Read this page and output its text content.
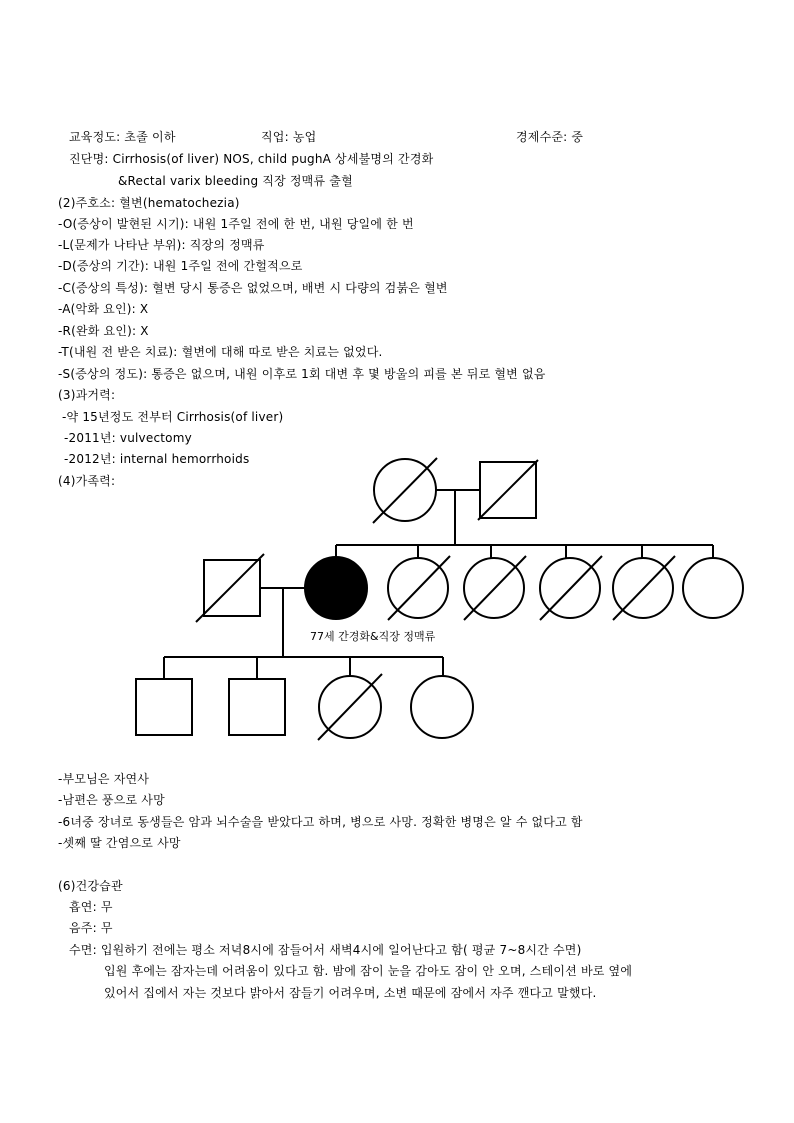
교육정도: 초졸 이하	직업: 농업	경제수준: 중
진단명: Cirrhosis(of liver) NOS, child pughA 상세불명의 간경화
&Rectal varix bleeding 직장 정맥류 출혈
(2)주호소: 혈변(hematochezia)
-O(증상이 발현된 시기): 내원 1주일 전에 한 번, 내원 당일에 한 번
-L(문제가 나타난 부위): 직장의 정맥류
-D(증상의 기간): 내원 1주일 전에 간헐적으로
-C(증상의 특성): 혈변 당시 통증은 없었으며, 배변 시 다량의 검붉은 혈변
-A(악화 요인): X
-R(완화 요인): X
-T(내원 전 받은 치료): 혈변에 대해 따로 받은 치료는 없었다.
-S(증상의 정도): 통증은 없으며, 내원 이후로 1회 대변 후 몇 방울의 피를 본 뒤로 혈변 없음
(3)과거력:
-약 15년정도 전부터 Cirrhosis(of liver)
-2011년: vulvectomy
-2012년: internal hemorrhoids
(4)가족력:
77세 간경화&직장 정맥류
-부모님은 자연사
-남편은 풍으로 사망
-6녀중 장녀로 동생들은 암과 뇌수술을 받았다고 하며, 병으로 사망. 정확한 병명은 알 수 없다고 함
-셋째 딸 간염으로 사망
(6)건강습관
흡연: 무
음주: 무
수면: 입원하기 전에는 평소 저녁8시에 잠들어서 새벽4시에 일어난다고 함( 평균 7~8시간 수면)
입원 후에는 잠자는데 어려움이 있다고 함. 밤에 잠이 눈을 감아도 잠이 안 오며, 스테이션 바로 옆에
있어서 집에서 자는 것보다 밝아서 잠들기 어려우며, 소변 때문에 잠에서 자주 깬다고 말했다.
